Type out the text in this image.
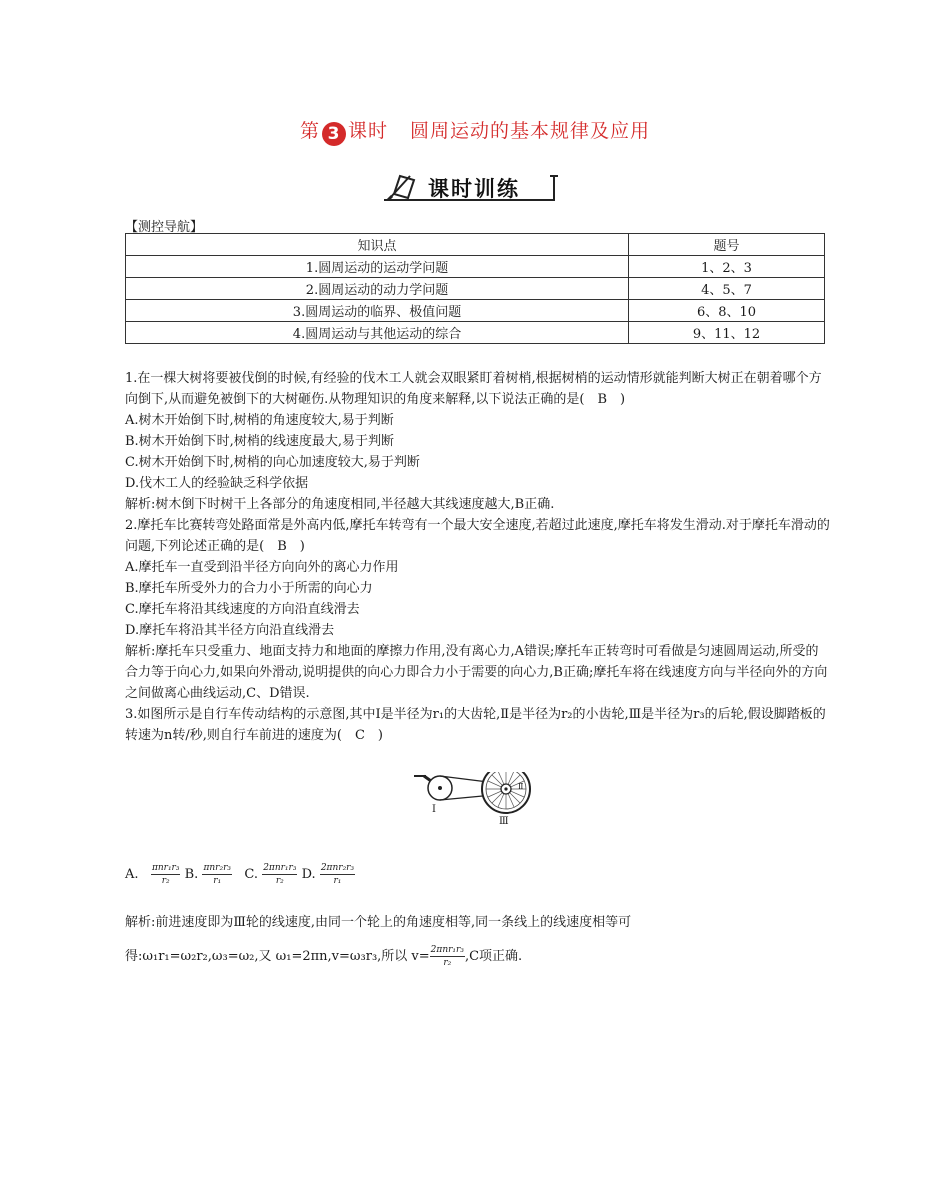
第 3 课时 圆周运动的基本规律及应用
课时训练
【测控导航】
知识点	题号
1.圆周运动的运动学问题	1、2、3
2.圆周运动的动力学问题	4、5、7
3.圆周运动的临界、极值问题	6、8、10
4.圆周运动与其他运动的综合	9、11、12

1.在一棵大树将要被伐倒的时候,有经验的伐木工人就会双眼紧盯着树梢,根据树梢的运动情形就能判断大树正在朝着哪个方向倒下,从而避免被倒下的大树砸伤.从物理知识的角度来解释,以下说法正确的是(　B　)

A.树木开始倒下时,树梢的角速度较大,易于判断

B.树木开始倒下时,树梢的线速度最大,易于判断

C.树木开始倒下时,树梢的向心加速度较大,易于判断

D.伐木工人的经验缺乏科学依据

解析:树木倒下时树干上各部分的角速度相同,半径越大其线速度越大,B正确.

2.摩托车比赛转弯处路面常是外高内低,摩托车转弯有一个最大安全速度,若超过此速度,摩托车将发生滑动.对于摩托车滑动的问题,下列论述正确的是(　B　)

A.摩托车一直受到沿半径方向向外的离心力作用

B.摩托车所受外力的合力小于所需的向心力

C.摩托车将沿其线速度的方向沿直线滑去

D.摩托车将沿其半径方向沿直线滑去

解析:摩托车只受重力、地面支持力和地面的摩擦力作用,没有离心力,A错误;摩托车正转弯时可看做是匀速圆周运动,所受的合力等于向心力,如果向外滑动,说明提供的向心力即合力小于需要的向心力,B正确;摩托车将在线速度方向与半径向外的方向之间做离心曲线运动,C、D错误.

3.如图所示是自行车传动结构的示意图,其中Ⅰ是半径为r₁的大齿轮,Ⅱ是半径为r₂的小齿轮,Ⅲ是半径为r₃的后轮,假设脚踏板的转速为n转/秒,则自行车前进的速度为(　C　)

Ⅰ
Ⅱ
Ⅲ
A. $\frac{\text{πnr₁r₃}}{\text{r₂}} B$. $\frac{\text{πnr₂r₃}}{\text{r₁}} C$. $\frac{\text{2πnr₁r₃}}{\text{r₂}} D$. $\frac{\text{2πnr₂r₃}}{\text{r₁}}$
解析:前进速度即为Ⅲ轮的线速度,由同一个轮上的角速度相等,同一条线上的线速度相等可
得:ω₁r₁=ω₂r₂,ω₃=ω₂,又 ω₁=2πn,v=ω₃r₃,所以 $v= \frac{\text{2πnr₁r₃}}{\text{r₂}} ,C$项正确.
